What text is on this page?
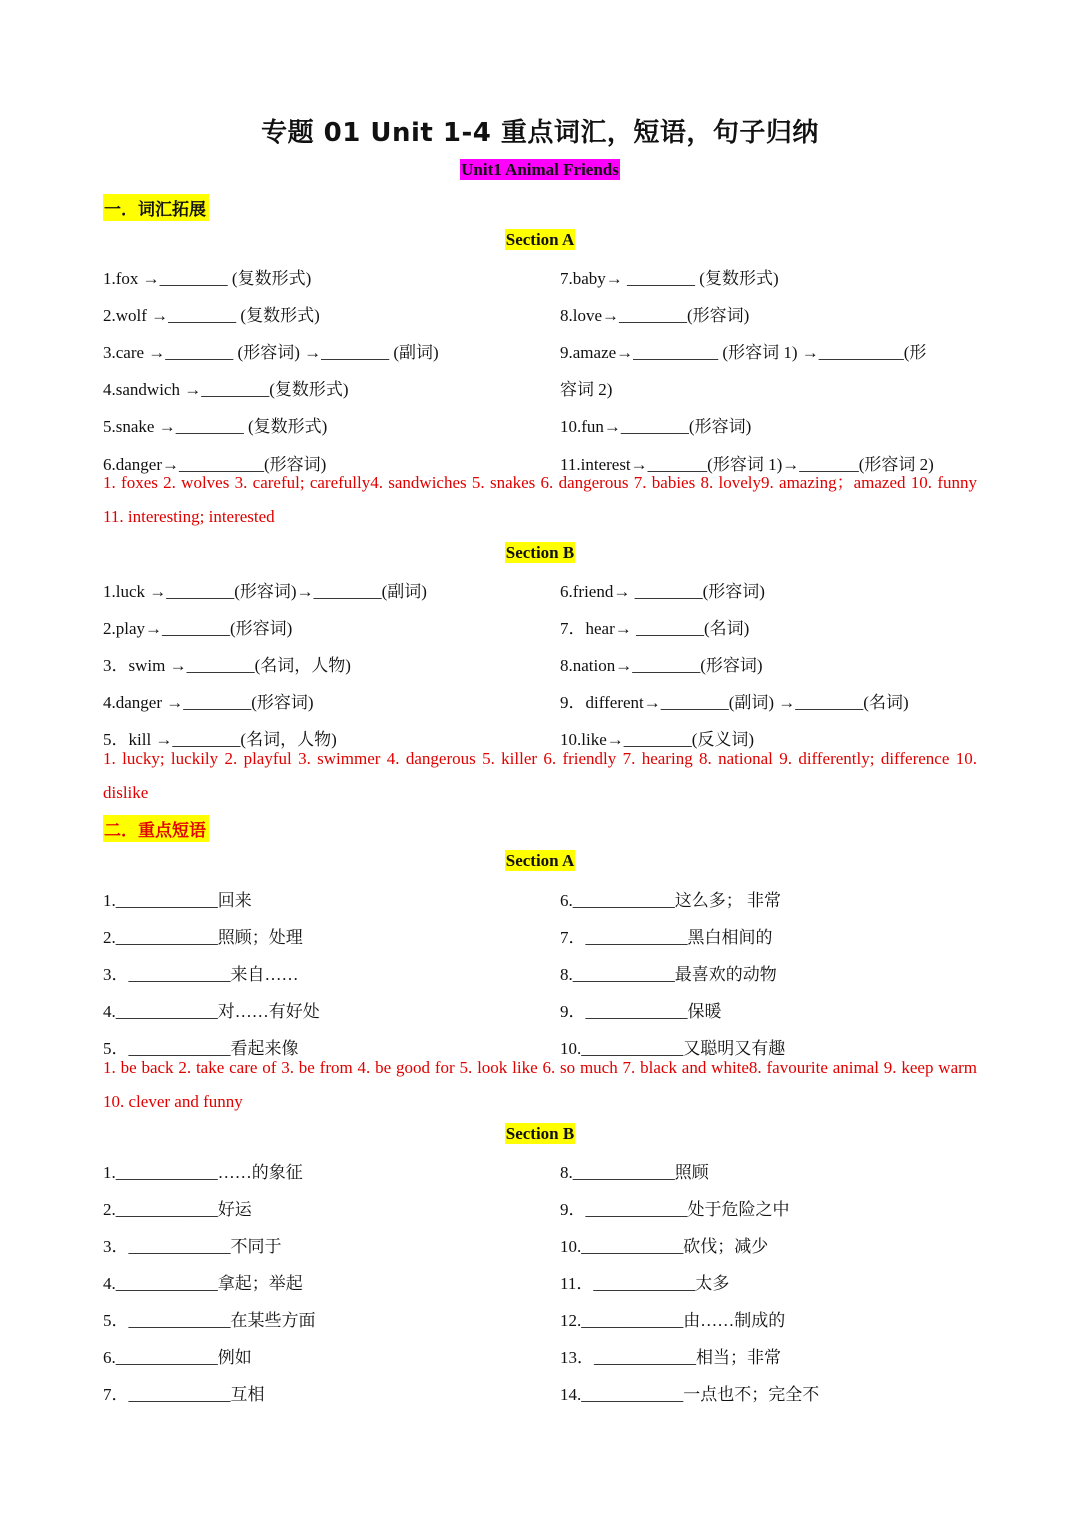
专题 01 Unit 1-4 重点词汇，短语，句子归纳
Unit1 Animal Friends
一．词汇拓展
Section A
1.fox →________ (复数形式)
2.wolf →________ (复数形式)
3.care →________ (形容词) →________ (副词)
4.sandwich →________(复数形式)
5.snake →________ (复数形式)
6.danger→__________(形容词)
7.baby→ ________ (复数形式)
8.love→________(形容词)
9.amaze→__________ (形容词 1) →__________(形
容词 2)
10.fun→________(形容词)
11.interest→_______(形容词 1)→_______(形容词 2)
1. foxes 2. wolves 3. careful; carefully4. sandwiches 5. snakes 6. dangerous 7. babies 8. lovely9. amazing；amazed 10. funny 11. interesting; interested
Section B
1.luck →________(形容词)→________(副词)
2.play→________(形容词)
3．swim →________(名词，人物)
4.danger →________(形容词)
5．kill →________(名词，人物)
6.friend→ ________(形容词)
7．hear→ ________(名词)
8.nation→________(形容词)
9．different→________(副词) →________(名词)
10.like→________(反义词)
1. lucky; luckily 2. playful 3. swimmer 4. dangerous 5. killer 6. friendly 7. hearing 8. national 9. differently; difference 10. dislike
二．重点短语
Section A
1.____________回来
2.____________照顾；处理
3．____________来自……
4.____________对……有好处
5．____________看起来像
6.____________这么多； 非常
7．____________黑白相间的
8.____________最喜欢的动物
9．____________保暖
10.____________又聪明又有趣
1. be back 2. take care of 3. be from 4. be good for 5. look like 6. so much 7. black and white8. favourite animal 9. keep warm 10. clever and funny
Section B
1.____________……的象征
2.____________好运
3．____________不同于
4.____________拿起；举起
5．____________在某些方面
6.____________例如
7．____________互相
8.____________照顾
9．____________处于危险之中
10.____________砍伐；减少
11．____________太多
12.____________由……制成的
13．____________相当；非常
14.____________一点也不；完全不
